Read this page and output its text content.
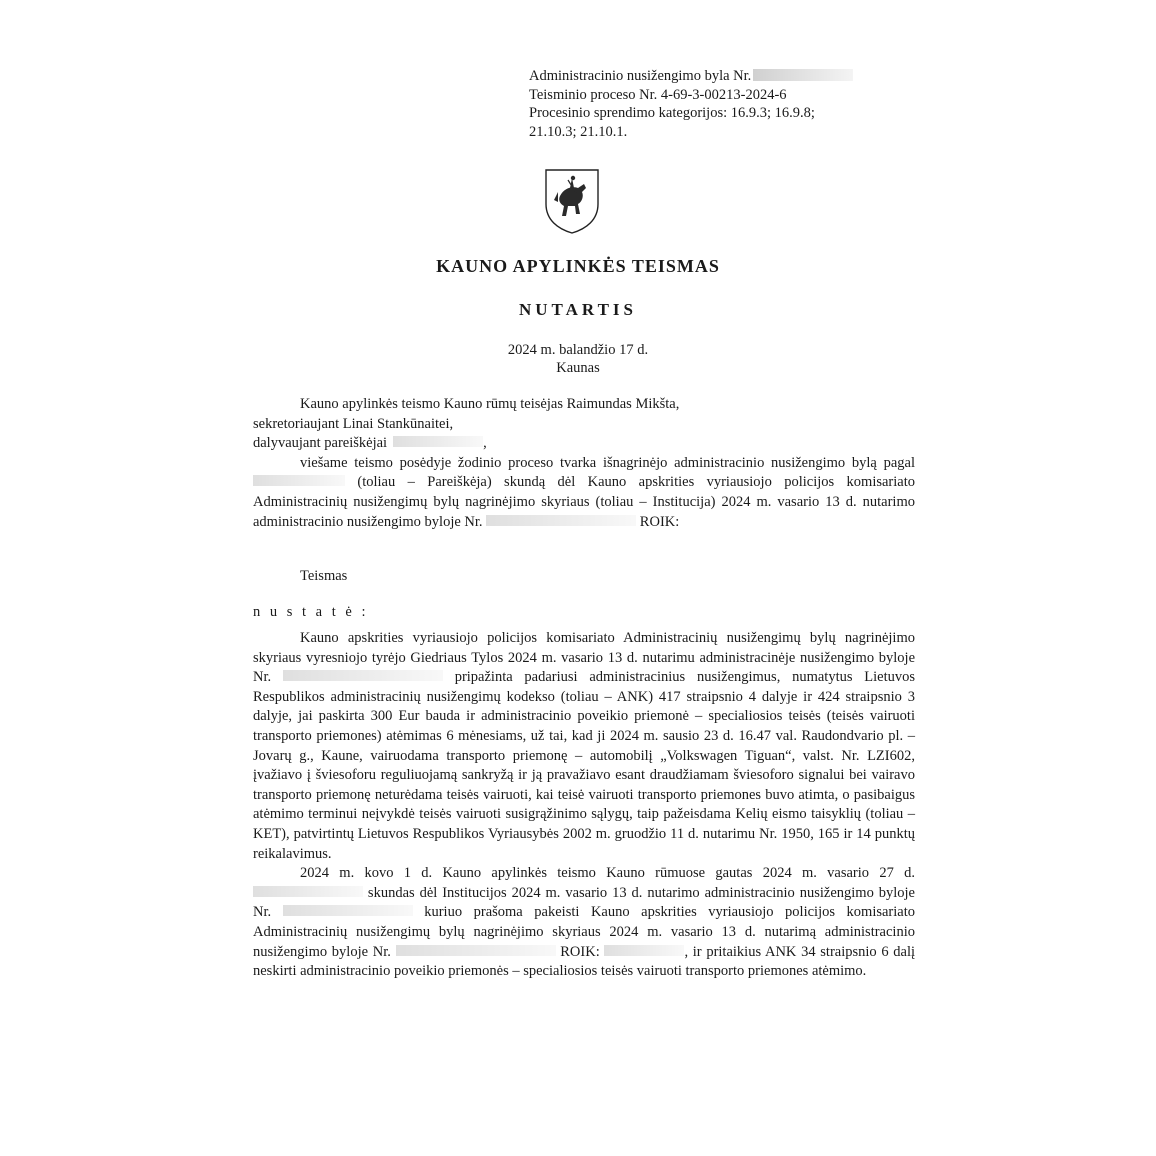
Administracinio nusižengimo byla Nr.
Teisminio proceso Nr. 4-69-3-00213-2024-6
Procesinio sprendimo kategorijos: 16.9.3; 16.9.8;
21.10.3; 21.10.1.
KAUNO APYLINKĖS TEISMAS
NUTARTIS
2024 m. balandžio 17 d.
Kaunas

Kauno apylinkės teismo Kauno rūmų teisėjas Raimundas Mikšta,

sekretoriaujant Linai Stankūnaitei,
dalyvaujant pareiškėjai	,

viešame teismo posėdyje žodinio proceso tvarka išnagrinėjo administracinio nusižengimo bylą pagal  (toliau – Pareiškėja) skundą dėl Kauno apskrities vyriausiojo policijos komisariato Administracinių nusižengimų bylų nagrinėjimo skyriaus (toliau – Institucija) 2024 m. vasario 13 d. nutarimo administracinio nusižengimo byloje Nr.	ROIK:

Teismas

n u s t a t ė :

Kauno apskrities vyriausiojo policijos komisariato Administracinių nusižengimų bylų nagrinėjimo skyriaus vyresniojo tyrėjo Giedriaus Tylos 2024 m. vasario 13 d. nutarimu administracinėje nusižengimo byloje Nr.	pripažinta padariusi administracinius nusižengimus, numatytus Lietuvos Respublikos administracinių nusižengimų kodekso (toliau – ANK) 417 straipsnio 4 dalyje ir 424 straipsnio 3 dalyje, jai paskirta 300 Eur bauda ir administracinio poveikio priemonė – specialiosios teisės (teisės vairuoti transporto priemones) atėmimas 6 mėnesiams, už tai, kad ji 2024 m. sausio 23 d. 16.47 val. Raudondvario pl. – Jovarų g., Kaune, vairuodama transporto priemonę – automobilį „Volkswagen Tiguan“, valst. Nr. LZI602, įvažiavo į šviesoforu reguliuojamą sankryžą ir ją pravažiavo esant draudžiamam šviesoforo signalui bei vairavo transporto priemonę neturėdama teisės vairuoti, kai teisė vairuoti transporto priemones buvo atimta, o pasibaigus atėmimo terminui neįvykdė teisės vairuoti susigrąžinimo sąlygų, taip pažeisdama Kelių eismo taisyklių (toliau – KET), patvirtintų Lietuvos Respublikos Vyriausybės 2002 m. gruodžio 11 d. nutarimu Nr. 1950, 165 ir 14 punktų reikalavimus.

2024 m. kovo 1 d. Kauno apylinkės teismo Kauno rūmuose gautas 2024 m. vasario 27 d.  skundas dėl Institucijos 2024 m. vasario 13 d. nutarimo administracinio nusižengimo byloje Nr.	kuriuo prašoma pakeisti Kauno apskrities vyriausiojo policijos komisariato Administracinių nusižengimų bylų nagrinėjimo skyriaus 2024 m. vasario 13 d. nutarimą administracinio nusižengimo byloje Nr.	ROIK:	, ir pritaikius ANK 34 straipsnio 6 dalį neskirti administracinio poveikio priemonės – specialiosios teisės vairuoti transporto priemones atėmimo.
